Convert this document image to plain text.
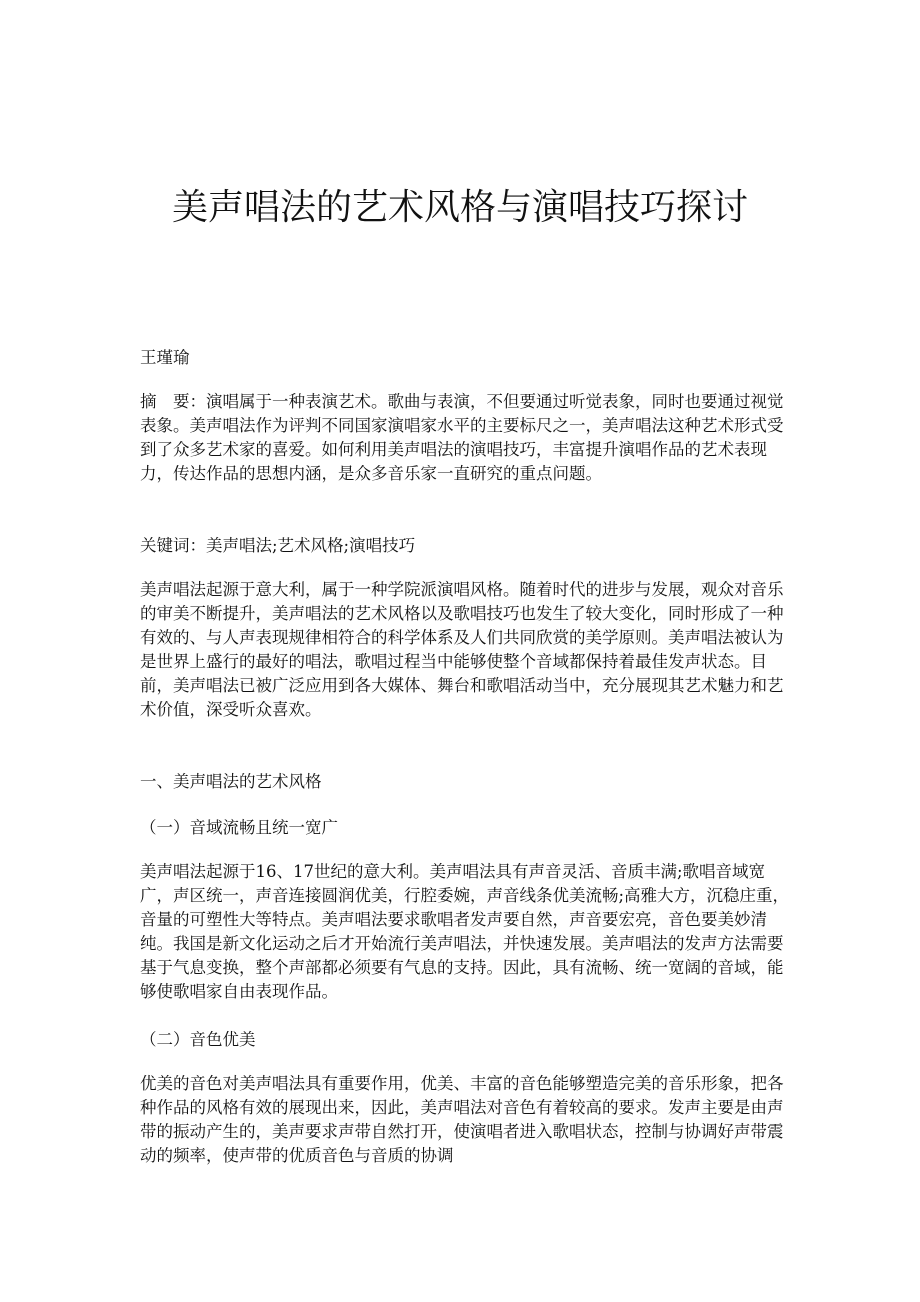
美声唱法的艺术风格与演唱技巧探讨

王瑾瑜

摘　要：演唱属于一种表演艺术。歌曲与表演，不但要通过听觉表象，同时也要通过视觉表象。美声唱法作为评判不同国家演唱家水平的主要标尺之一，美声唱法这种艺术形式受到了众多艺术家的喜爱。如何利用美声唱法的演唱技巧，丰富提升演唱作品的艺术表现力，传达作品的思想内涵，是众多音乐家一直研究的重点问题。

关键词：美声唱法;艺术风格;演唱技巧

美声唱法起源于意大利，属于一种学院派演唱风格。随着时代的进步与发展，观众对音乐的审美不断提升，美声唱法的艺术风格以及歌唱技巧也发生了较大变化，同时形成了一种有效的、与人声表现规律相符合的科学体系及人们共同欣赏的美学原则。美声唱法被认为是世界上盛行的最好的唱法，歌唱过程当中能够使整个音域都保持着最佳发声状态。目前，美声唱法已被广泛应用到各大媒体、舞台和歌唱活动当中，充分展现其艺术魅力和艺术价值，深受听众喜欢。

一、美声唱法的艺术风格

（一）音域流畅且统一宽广

美声唱法起源于16、17世纪的意大利。美声唱法具有声音灵活、音质丰满;歌唱音域宽广，声区统一，声音连接圆润优美，行腔委婉，声音线条优美流畅;高雅大方，沉稳庄重，音量的可塑性大等特点。美声唱法要求歌唱者发声要自然，声音要宏亮，音色要美妙清纯。我国是新文化运动之后才开始流行美声唱法，并快速发展。美声唱法的发声方法需要基于气息变换，整个声部都必须要有气息的支持。因此，具有流畅、统一宽阔的音域，能够使歌唱家自由表现作品。

（二）音色优美

优美的音色对美声唱法具有重要作用，优美、丰富的音色能够塑造完美的音乐形象，把各种作品的风格有效的展现出来，因此，美声唱法对音色有着较高的要求。发声主要是由声带的振动产生的，美声要求声带自然打开，使演唱者进入歌唱状态，控制与协调好声带震动的频率，使声带的优质音色与音质的协调
